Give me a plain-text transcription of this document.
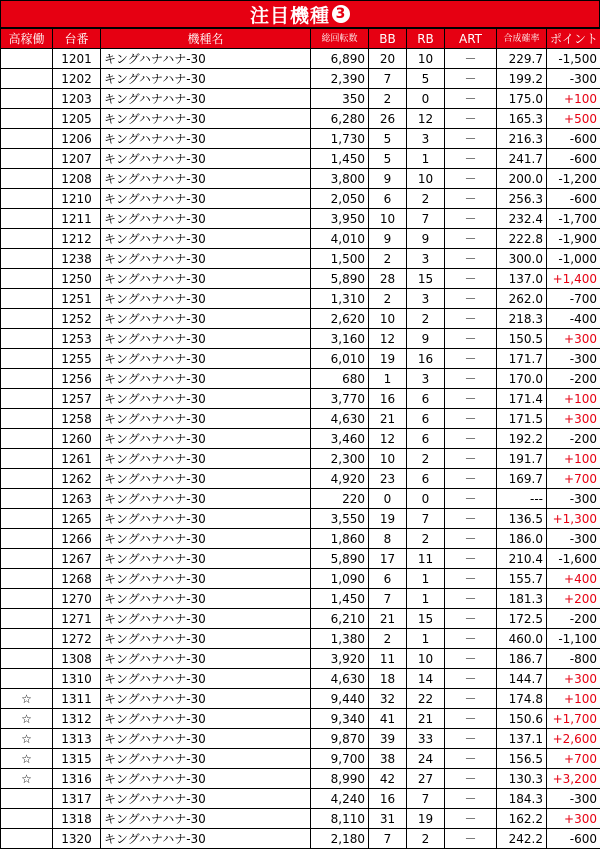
注目機種 3
高稼働	台番	機種名	総回転数	BB	RB	ART	合成確率	ポイント
	1201	キングハナハナ-30	6,890	20	10	－	229.7	-1,500
	1202	キングハナハナ-30	2,390	7	5	－	199.2	-300
	1203	キングハナハナ-30	350	2	0	－	175.0	+100
	1205	キングハナハナ-30	6,280	26	12	－	165.3	+500
	1206	キングハナハナ-30	1,730	5	3	－	216.3	-600
	1207	キングハナハナ-30	1,450	5	1	－	241.7	-600
	1208	キングハナハナ-30	3,800	9	10	－	200.0	-1,200
	1210	キングハナハナ-30	2,050	6	2	－	256.3	-600
	1211	キングハナハナ-30	3,950	10	7	－	232.4	-1,700
	1212	キングハナハナ-30	4,010	9	9	－	222.8	-1,900
	1238	キングハナハナ-30	1,500	2	3	－	300.0	-1,000
	1250	キングハナハナ-30	5,890	28	15	－	137.0	+1,400
	1251	キングハナハナ-30	1,310	2	3	－	262.0	-700
	1252	キングハナハナ-30	2,620	10	2	－	218.3	-400
	1253	キングハナハナ-30	3,160	12	9	－	150.5	+300
	1255	キングハナハナ-30	6,010	19	16	－	171.7	-300
	1256	キングハナハナ-30	680	1	3	－	170.0	-200
	1257	キングハナハナ-30	3,770	16	6	－	171.4	+100
	1258	キングハナハナ-30	4,630	21	6	－	171.5	+300
	1260	キングハナハナ-30	3,460	12	6	－	192.2	-200
	1261	キングハナハナ-30	2,300	10	2	－	191.7	+100
	1262	キングハナハナ-30	4,920	23	6	－	169.7	+700
	1263	キングハナハナ-30	220	0	0	－	---	-300
	1265	キングハナハナ-30	3,550	19	7	－	136.5	+1,300
	1266	キングハナハナ-30	1,860	8	2	－	186.0	-300
	1267	キングハナハナ-30	5,890	17	11	－	210.4	-1,600
	1268	キングハナハナ-30	1,090	6	1	－	155.7	+400
	1270	キングハナハナ-30	1,450	7	1	－	181.3	+200
	1271	キングハナハナ-30	6,210	21	15	－	172.5	-200
	1272	キングハナハナ-30	1,380	2	1	－	460.0	-1,100
	1308	キングハナハナ-30	3,920	11	10	－	186.7	-800
	1310	キングハナハナ-30	4,630	18	14	－	144.7	+300
☆	1311	キングハナハナ-30	9,440	32	22	－	174.8	+100
☆	1312	キングハナハナ-30	9,340	41	21	－	150.6	+1,700
☆	1313	キングハナハナ-30	9,870	39	33	－	137.1	+2,600
☆	1315	キングハナハナ-30	9,700	38	24	－	156.5	+700
☆	1316	キングハナハナ-30	8,990	42	27	－	130.3	+3,200
	1317	キングハナハナ-30	4,240	16	7	－	184.3	-300
	1318	キングハナハナ-30	8,110	31	19	－	162.2	+300
	1320	キングハナハナ-30	2,180	7	2	－	242.2	-600
